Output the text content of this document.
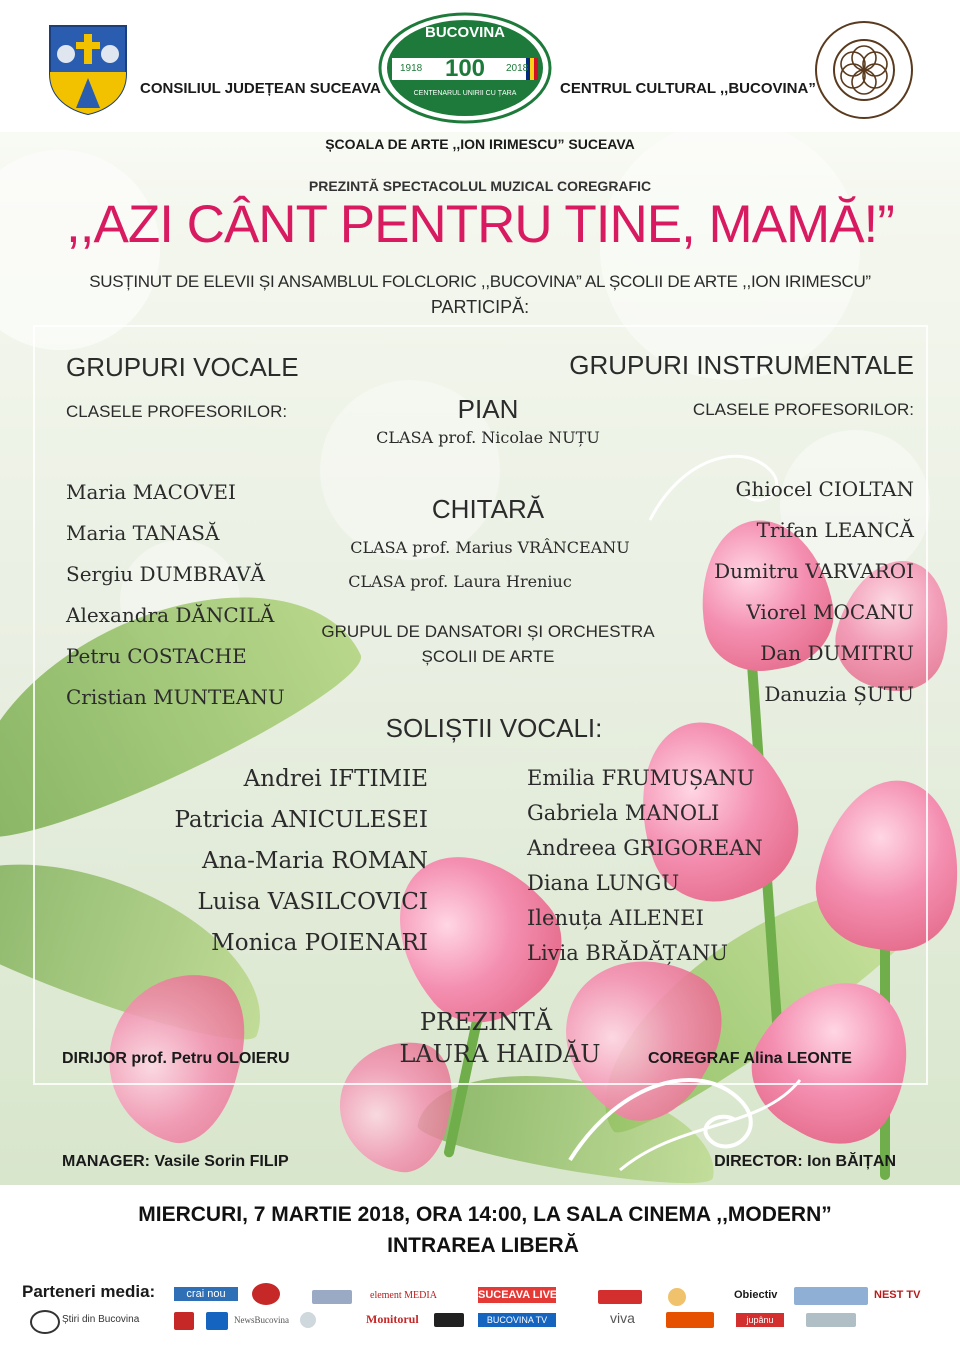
CONSILIUL JUDEȚEAN SUCEAVA
BUCOVINA
1918 100	2018
CENTENARUL UNIRII CU ȚARA	CENTRUL CULTURAL ,,BUCOVINA”
ȘCOALA DE ARTE ,,ION IRIMESCU” SUCEAVA
PREZINTĂ SPECTACOLUL MUZICAL COREGRAFIC
,,AZI CÂNT PENTRU TINE, MAMĂ!”
SUSȚINUT DE ELEVII ȘI ANSAMBLUL FOLCLORIC ,,BUCOVINA” AL ȘCOLII DE ARTE ,,ION IRIMESCU”
PARTICIPĂ:
GRUPURI VOCALE
CLASELE PROFESORILOR:
Maria MACOVEI
Maria TANASĂ
Sergiu DUMBRAVĂ
Alexandra DĂNCILĂ
Petru COSTACHE
Cristian MUNTEANU
GRUPURI INSTRUMENTALE
CLASELE PROFESORILOR:
Ghiocel CIOLTAN
Trifan LEANCĂ
Dumitru VARVAROI
Viorel MOCANU
Dan DUMITRU
Danuzia ȘUTU
PIAN
CLASA prof. Nicolae NUȚU
CHITARĂ
CLASA prof. Marius VRÂNCEANU
CLASA prof. Laura Hreniuc
GRUPUL DE DANSATORI ȘI ORCHESTRA
ȘCOLII DE ARTE
SOLIȘTII VOCALI:
Andrei IFTIMIE
Patricia ANICULESEI
Ana-Maria ROMAN
Luisa VASILCOVICI
Monica POIENARI
Emilia FRUMUȘANU
Gabriela MANOLI
Andreea GRIGOREAN
Diana LUNGU
Ilenuța AILENEI
Livia BRĂDĂȚANU
PREZINTĂ
LAURA HAIDĂU
DIRIJOR prof. Petru OLOIERU	COREGRAF Alina LEONTE
MANAGER: Vasile Sorin FILIP	DIRECTOR: Ion BĂIȚAN
MIERCURI, 7 MARTIE 2018, ORA 14:00, LA SALA CINEMA ,,MODERN”
INTRAREA LIBERĂ
Parteneri media:	crai nou	element MEDIA	SUCEAVA LIVE	Obiectiv	NEST TV
Știri din Bucovina	NewsBucovina	Monitorul	BUCOVINA TV	viva	jupânu
